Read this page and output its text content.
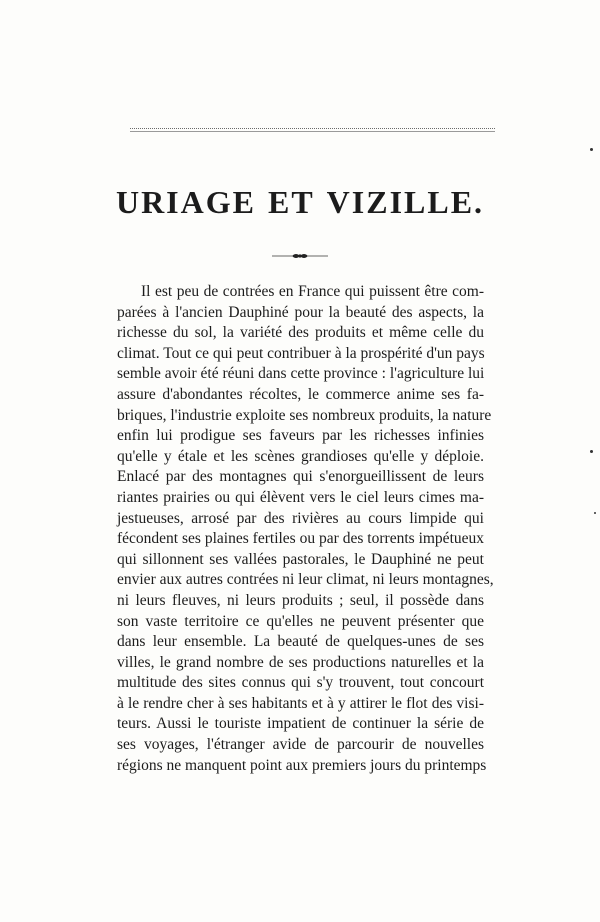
URIAGE ET VIZILLE.
Il est peu de contrées en France qui puissent être com-
parées à l'ancien Dauphiné pour la beauté des aspects, la
richesse du sol, la variété des produits et même celle du
climat. Tout ce qui peut contribuer à la prospérité d'un pays
semble avoir été réuni dans cette province : l'agriculture lui
assure d'abondantes récoltes, le commerce anime ses fa-
briques, l'industrie exploite ses nombreux produits, la nature
enfin lui prodigue ses faveurs par les richesses infinies
qu'elle y étale et les scènes grandioses qu'elle y déploie.
Enlacé par des montagnes qui s'enorgueillissent de leurs
riantes prairies ou qui élèvent vers le ciel leurs cimes ma-
jestueuses, arrosé par des rivières au cours limpide qui
fécondent ses plaines fertiles ou par des torrents impétueux
qui sillonnent ses vallées pastorales, le Dauphiné ne peut
envier aux autres contrées ni leur climat, ni leurs montagnes,
ni leurs fleuves, ni leurs produits ; seul, il possède dans
son vaste territoire ce qu'elles ne peuvent présenter que
dans leur ensemble. La beauté de quelques-unes de ses
villes, le grand nombre de ses productions naturelles et la
multitude des sites connus qui s'y trouvent, tout concourt
à le rendre cher à ses habitants et à y attirer le flot des visi-
teurs. Aussi le touriste impatient de continuer la série de
ses voyages, l'étranger avide de parcourir de nouvelles
régions ne manquent point aux premiers jours du printemps
